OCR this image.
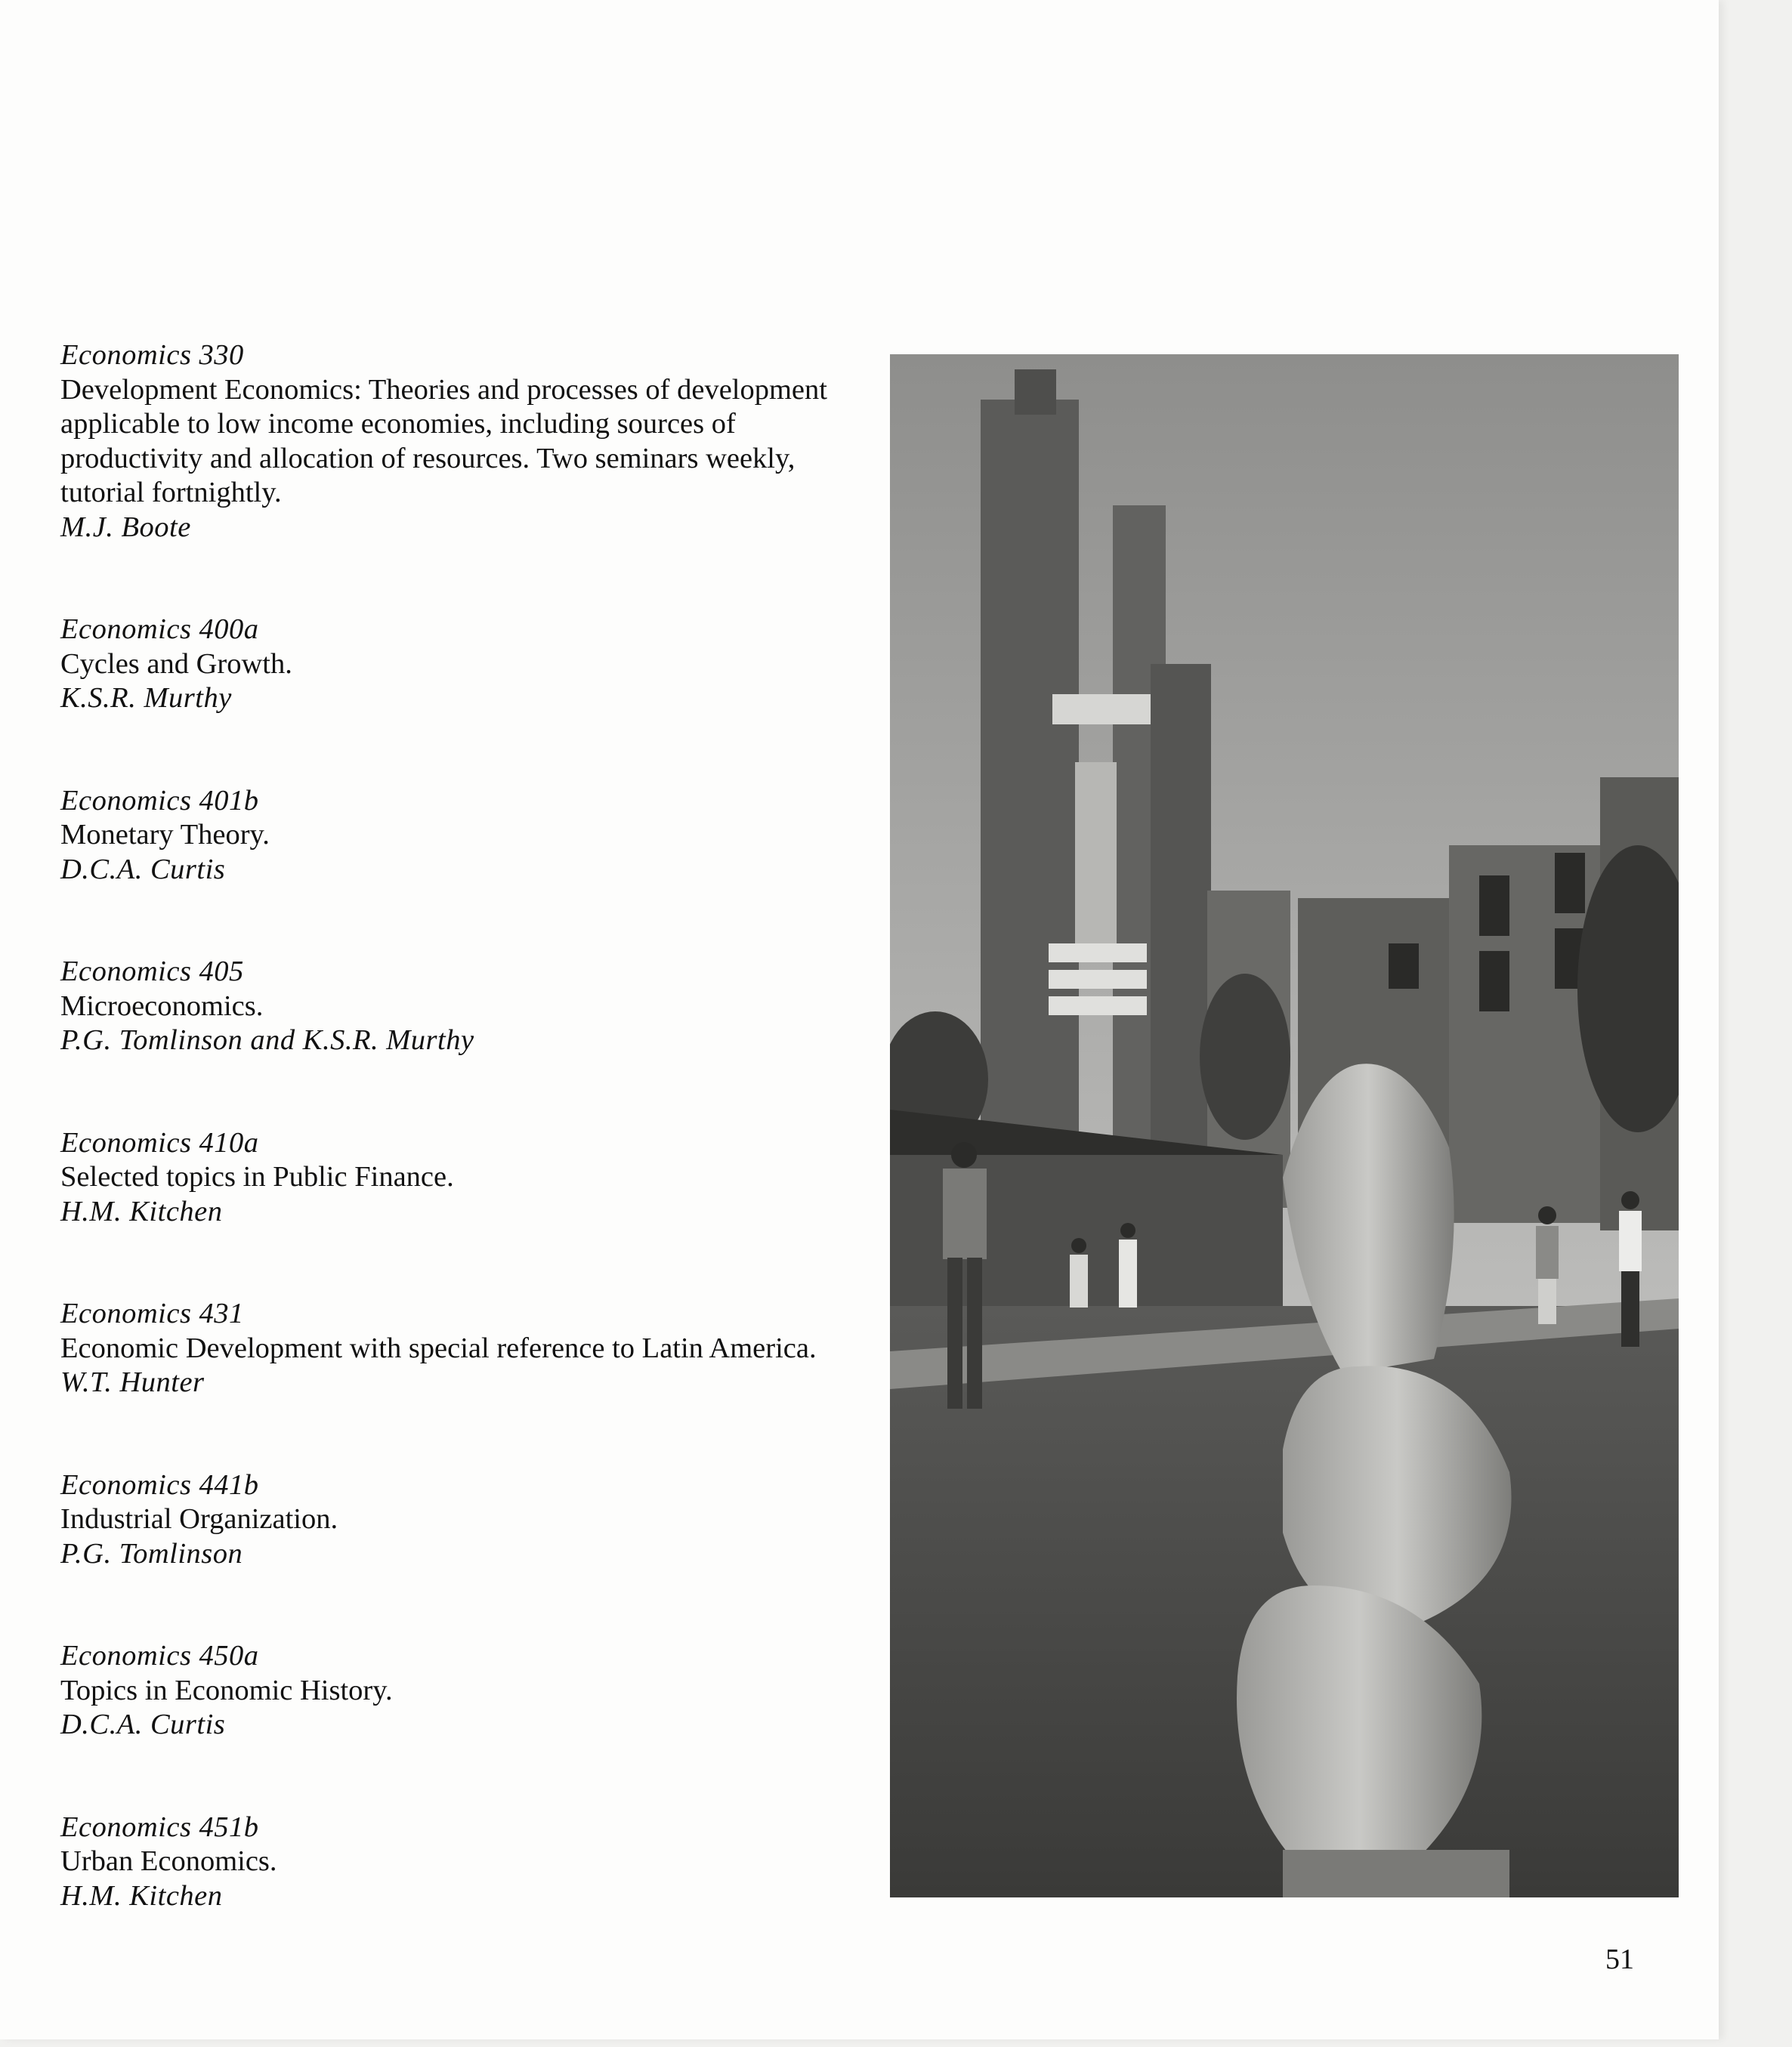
Economics 330
Development Economics: Theories and processes of development applicable to low income economies, including sources of productivity and allocation of resources. Two seminars weekly, tutorial fortnightly.
M.J. Boote
Economics 400a
Cycles and Growth.
K.S.R. Murthy
Economics 401b
Monetary Theory.
D.C.A. Curtis
Economics 405
Microeconomics.
P.G. Tomlinson and K.S.R. Murthy
Economics 410a
Selected topics in Public Finance.
H.M. Kitchen
Economics 431
Economic Development with special reference to Latin America.
W.T. Hunter
Economics 441b
Industrial Organization.
P.G. Tomlinson
Economics 450a
Topics in Economic History.
D.C.A. Curtis
Economics 451b
Urban Economics.
H.M. Kitchen
51
